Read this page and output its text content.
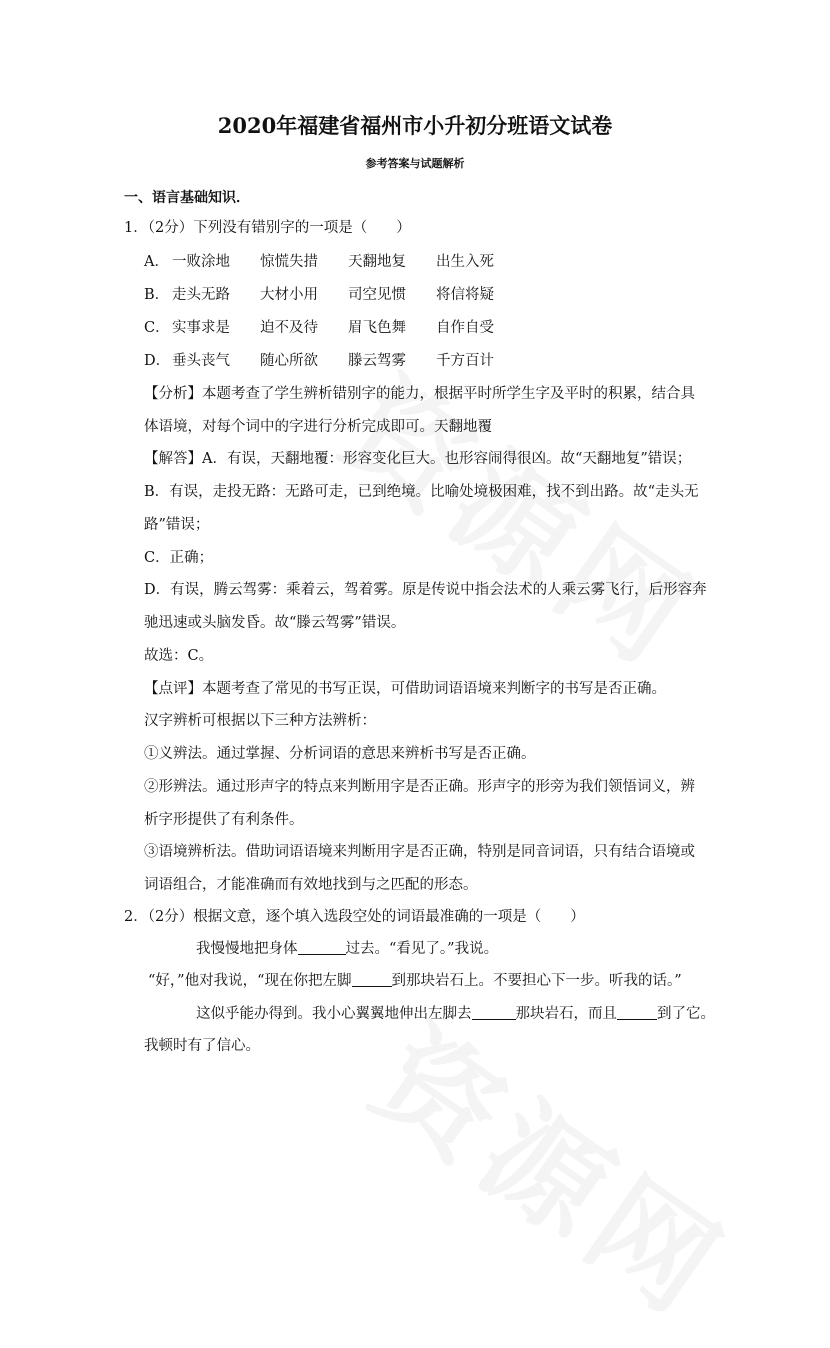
2020年福建省福州市小升初分班语文试卷
参考答案与试题解析
一、语言基础知识．
1．（2分）下列没有错别字的一项是（　　）
A． 一败涂地 惊慌失措 天翻地复 出生入死
B． 走头无路 大材小用 司空见惯 将信将疑
C． 实事求是 迫不及待 眉飞色舞 自作自受
D． 垂头丧气 随心所欲 滕云驾雾 千方百计
【分析】本题考查了学生辨析错别字的能力，根据平时所学生字及平时的积累，结合具
体语境，对每个词中的字进行分析完成即可。天翻地覆
【解答】A．有误，天翻地覆：形容变化巨大。也形容闹得很凶。故“天翻地复”错误；
B．有误，走投无路：无路可走，已到绝境。比喻处境极困难，找不到出路。故“走头无
路”错误；
C．正确；
D．有误，腾云驾雾：乘着云，驾着雾。原是传说中指会法术的人乘云雾飞行，后形容奔
驰迅速或头脑发昏。故“滕云驾雾”错误。
故选：C。
【点评】本题考查了常见的书写正误，可借助词语语境来判断字的书写是否正确。
汉字辨析可根据以下三种方法辨析：
①义辨法。通过掌握、分析词语的意思来辨析书写是否正确。
②形辨法。通过形声字的特点来判断用字是否正确。形声字的形旁为我们领悟词义，辨
析字形提供了有利条件。
③语境辨析法。借助词语语境来判断用字是否正确，特别是同音词语，只有结合语境或
词语组合，才能准确而有效地找到与之匹配的形态。
2．（2分）根据文意，逐个填入选段空处的词语最准确的一项是（　　）
我慢慢地把身体	过去。“看见了。”我说。
“好，”他对我说，“现在你把左脚	到那块岩石上。不要担心下一步。听我的话。”
这似乎能办得到。我小心翼翼地伸出左脚去	那块岩石，而且	到了它。
我顿时有了信心。
